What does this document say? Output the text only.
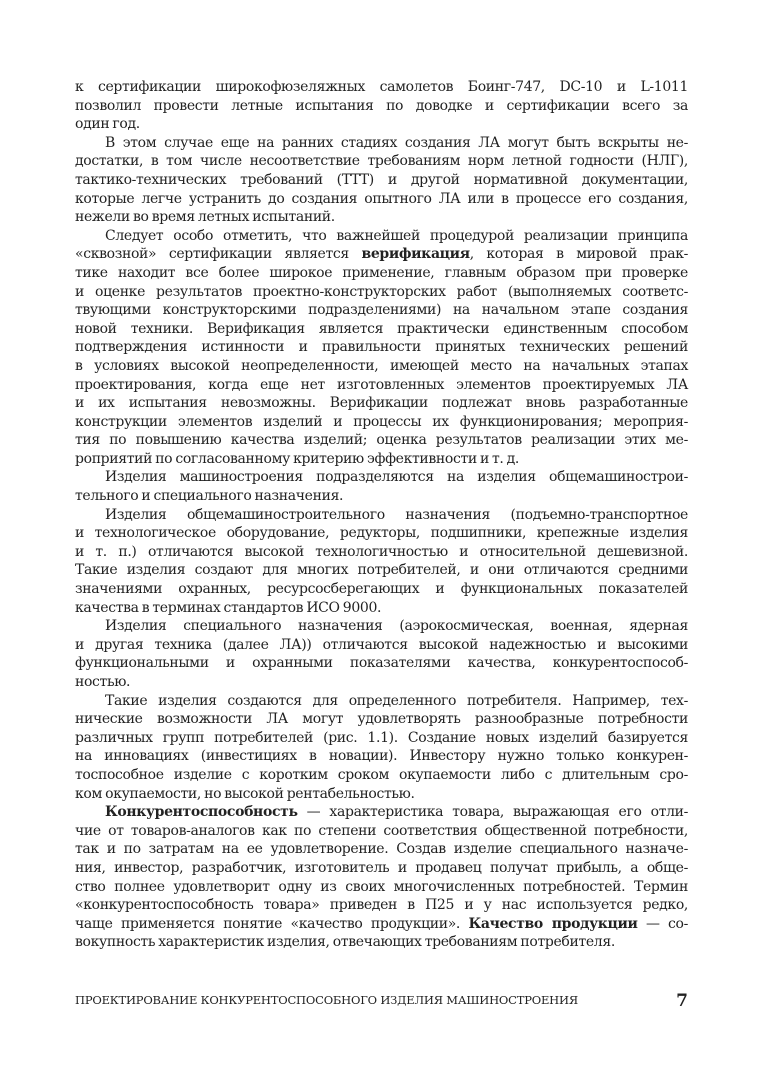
к сертификации широкофюзеляжных самолетов Боинг-747, DC-10 и L-1011
позволил провести летные испытания по доводке и сертификации всего за
один год.
В этом случае еще на ранних стадиях создания ЛА могут быть вскрыты не-
достатки, в том числе несоответствие требованиям норм летной годности (НЛГ),
тактико-технических требований (ТТТ) и другой нормативной документации,
которые легче устранить до создания опытного ЛА или в процессе его создания,
нежели во время летных испытаний.
Следует особо отметить, что важнейшей процедурой реализации принципа
«сквозной» сертификации является верификация, которая в мировой прак-
тике находит все более широкое применение, главным образом при проверке
и оценке результатов проектно-конструкторских работ (выполняемых соответс-
твующими конструкторскими подразделениями) на начальном этапе создания
новой техники. Верификация является практически единственным способом
подтверждения истинности и правильности принятых технических решений
в условиях высокой неопределенности, имеющей место на начальных этапах
проектирования, когда еще нет изготовленных элементов проектируемых ЛА
и их испытания невозможны. Верификации подлежат вновь разработанные
конструкции элементов изделий и процессы их функционирования; мероприя-
тия по повышению качества изделий; оценка результатов реализации этих ме-
роприятий по согласованному критерию эффективности и т. д.
Изделия машиностроения подразделяются на изделия общемашинострои-
тельного и специального назначения.
Изделия общемашиностроительного назначения (подъемно-транспортное
и технологическое оборудование, редукторы, подшипники, крепежные изделия
и т. п.) отличаются высокой технологичностью и относительной дешевизной.
Такие изделия создают для многих потребителей, и они отличаются средними
значениями охранных, ресурсосберегающих и функциональных показателей
качества в терминах стандартов ИСО 9000.
Изделия специального назначения (аэрокосмическая, военная, ядерная
и другая техника (далее ЛА)) отличаются высокой надежностью и высокими
функциональными и охранными показателями качества, конкурентоспособ-
ностью.
Такие изделия создаются для определенного потребителя. Например, тех-
нические возможности ЛА могут удовлетворять разнообразные потребности
различных групп потребителей (рис. 1.1). Создание новых изделий базируется
на инновациях (инвестициях в новации). Инвестору нужно только конкурен-
тоспособное изделие с коротким сроком окупаемости либо с длительным сро-
ком окупаемости, но высокой рентабельностью.
Конкурентоспособность — характеристика товара, выражающая его отли-
чие от товаров-аналогов как по степени соответствия общественной потребности,
так и по затратам на ее удовлетворение. Создав изделие специального назначе-
ния, инвестор, разработчик, изготовитель и продавец получат прибыль, а обще-
ство полнее удовлетворит одну из своих многочисленных потребностей. Термин
«конкурентоспособность товара» приведен в П25 и у нас используется редко,
чаще применяется понятие «качество продукции». Качество продукции — со-
вокупность характеристик изделия, отвечающих требованиям потребителя.
ПРОЕКТИРОВАНИЕ КОНКУРЕНТОСПОСОБНОГО ИЗДЕЛИЯ МАШИНОСТРОЕНИЯ	7
